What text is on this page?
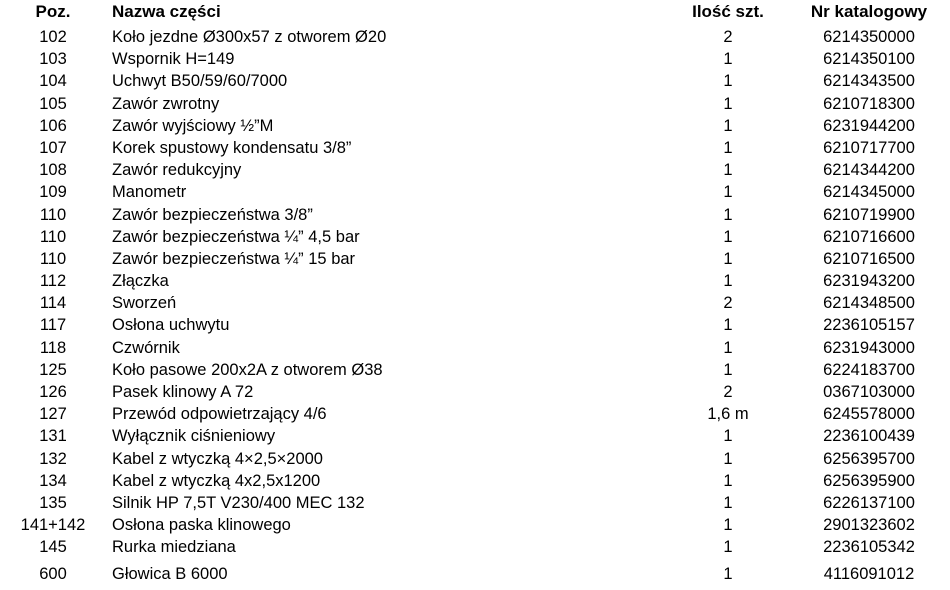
Poz.	Nazwa części	Ilość szt.	Nr katalogowy
102	Koło jezdne Ø300x57 z otworem Ø20	2	6214350000
103	Wspornik H=149	1	6214350100
104	Uchwyt B50/59/60/7000	1	6214343500
105	Zawór zwrotny	1	6210718300
106	Zawór wyjściowy ½”M	1	6231944200
107	Korek spustowy kondensatu 3/8”	1	6210717700
108	Zawór redukcyjny	1	6214344200
109	Manometr	1	6214345000
110	Zawór bezpieczeństwa 3/8”	1	6210719900
110	Zawór bezpieczeństwa ¼” 4,5 bar	1	6210716600
110	Zawór bezpieczeństwa ¼” 15 bar	1	6210716500
112	Złączka	1	6231943200
114	Sworzeń	2	6214348500
117	Osłona uchwytu	1	2236105157
118	Czwórnik	1	6231943000
125	Koło pasowe 200x2A z otworem Ø38	1	6224183700
126	Pasek klinowy A 72	2	0367103000
127	Przewód odpowietrzający 4/6	1,6 m	6245578000
131	Wyłącznik ciśnieniowy	1	2236100439
132	Kabel z wtyczką 4×2,5×2000	1	6256395700
134	Kabel z wtyczką 4x2,5x1200	1	6256395900
135	Silnik HP 7,5T V230/400 MEC 132	1	6226137100
141+142	Osłona paska klinowego	1	2901323602
145	Rurka miedziana	1	2236105342
600	Głowica B 6000	1	4116091012
